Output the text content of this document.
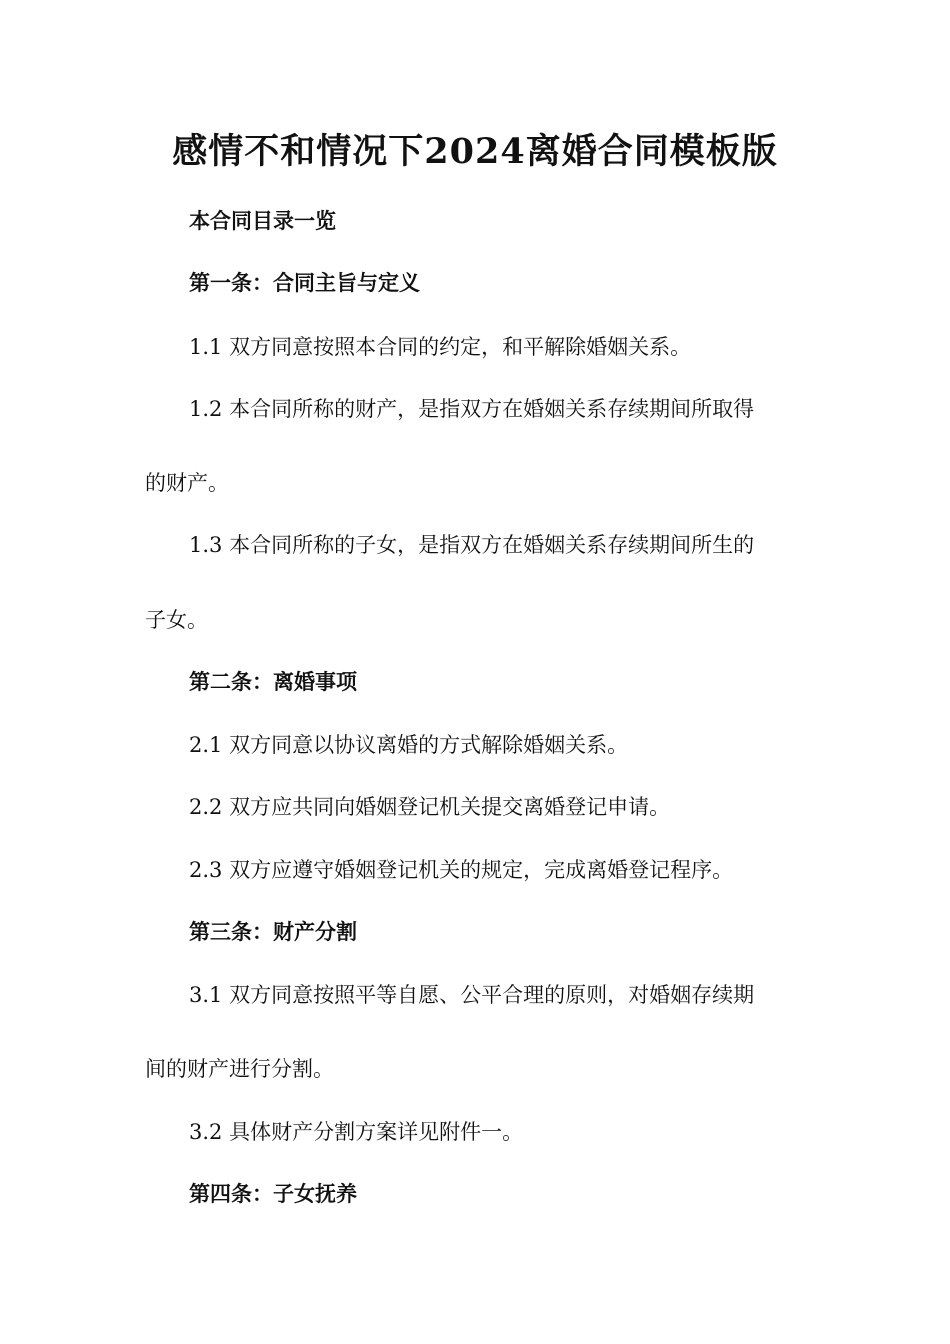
感情不和情况下2024离婚合同模板版
本合同目录一览
第一条：合同主旨与定义
1.1 双方同意按照本合同的约定，和平解除婚姻关系。
1.2 本合同所称的财产，是指双方在婚姻关系存续期间所取得
的财产。
1.3 本合同所称的子女，是指双方在婚姻关系存续期间所生的
子女。
第二条：离婚事项
2.1 双方同意以协议离婚的方式解除婚姻关系。
2.2 双方应共同向婚姻登记机关提交离婚登记申请。
2.3 双方应遵守婚姻登记机关的规定，完成离婚登记程序。
第三条：财产分割
3.1 双方同意按照平等自愿、公平合理的原则，对婚姻存续期
间的财产进行分割。
3.2 具体财产分割方案详见附件一。
第四条：子女抚养
